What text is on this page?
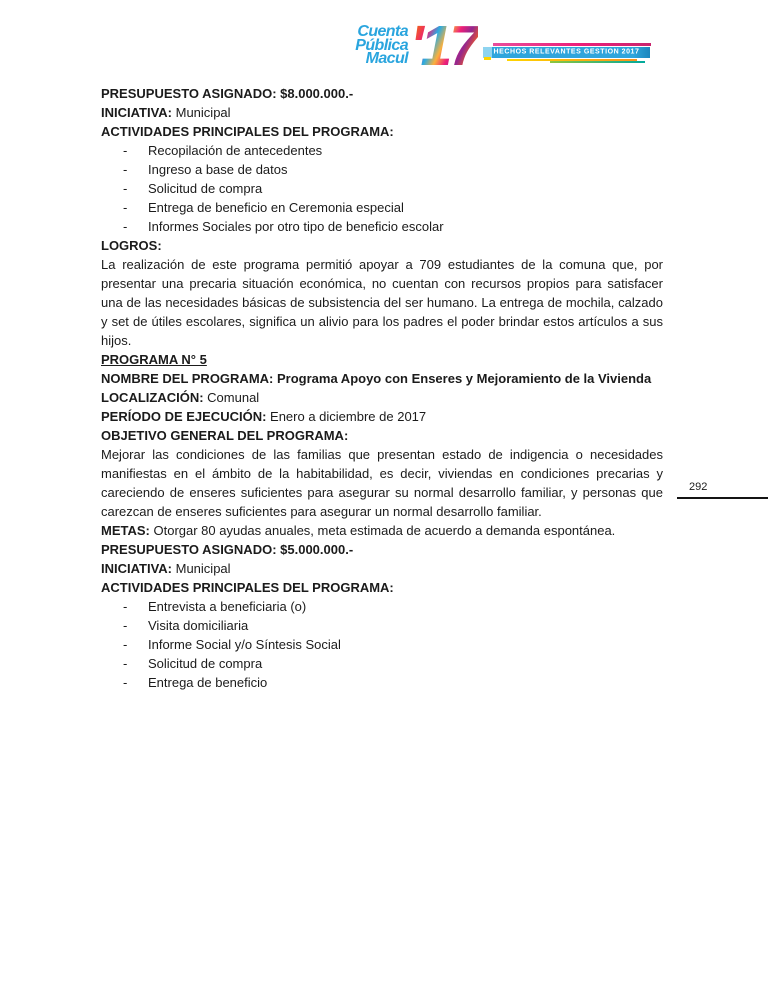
Cuenta
Pública
Macul '17 HECHOS RELEVANTES GESTION 2017
292

PRESUPUESTO ASIGNADO: $8.000.000.-

INICIATIVA: Municipal

ACTIVIDADES PRINCIPALES DEL PROGRAMA:
-	Recopilación de antecedentes
-	Ingreso a base de datos
-	Solicitud de compra
-	Entrega de beneficio en Ceremonia especial
-	Informes Sociales por otro tipo de beneficio escolar
LOGROS:

La realización de este programa permitió apoyar a 709 estudiantes de la comuna que, por presentar una precaria situación económica, no cuentan con recursos propios para satisfacer una de las necesidades básicas de subsistencia del ser humano. La entrega de mochila, calzado y set de útiles escolares, significa un alivio para los padres el poder brindar estos artículos a sus hijos.

PROGRAMA N° 5

NOMBRE DEL PROGRAMA: Programa Apoyo con Enseres y Mejoramiento de la Vivienda

LOCALIZACIÓN: Comunal

PERÍODO DE EJECUCIÓN: Enero a diciembre de 2017

OBJETIVO GENERAL DEL PROGRAMA:

Mejorar las condiciones de las familias que presentan estado de indigencia o necesidades manifiestas en el ámbito de la habitabilidad, es decir, viviendas en condiciones precarias y careciendo de enseres suficientes para asegurar su normal desarrollo familiar, y personas que carezcan de enseres suficientes para asegurar un normal desarrollo familiar.

METAS: Otorgar 80 ayudas anuales, meta estimada de acuerdo a demanda espontánea.

PRESUPUESTO ASIGNADO: $5.000.000.-

INICIATIVA: Municipal

ACTIVIDADES PRINCIPALES DEL PROGRAMA:
-	Entrevista a beneficiaria (o)
-	Visita domiciliaria
-	Informe Social y/o Síntesis Social
-	Solicitud de compra
-	Entrega de beneficio
